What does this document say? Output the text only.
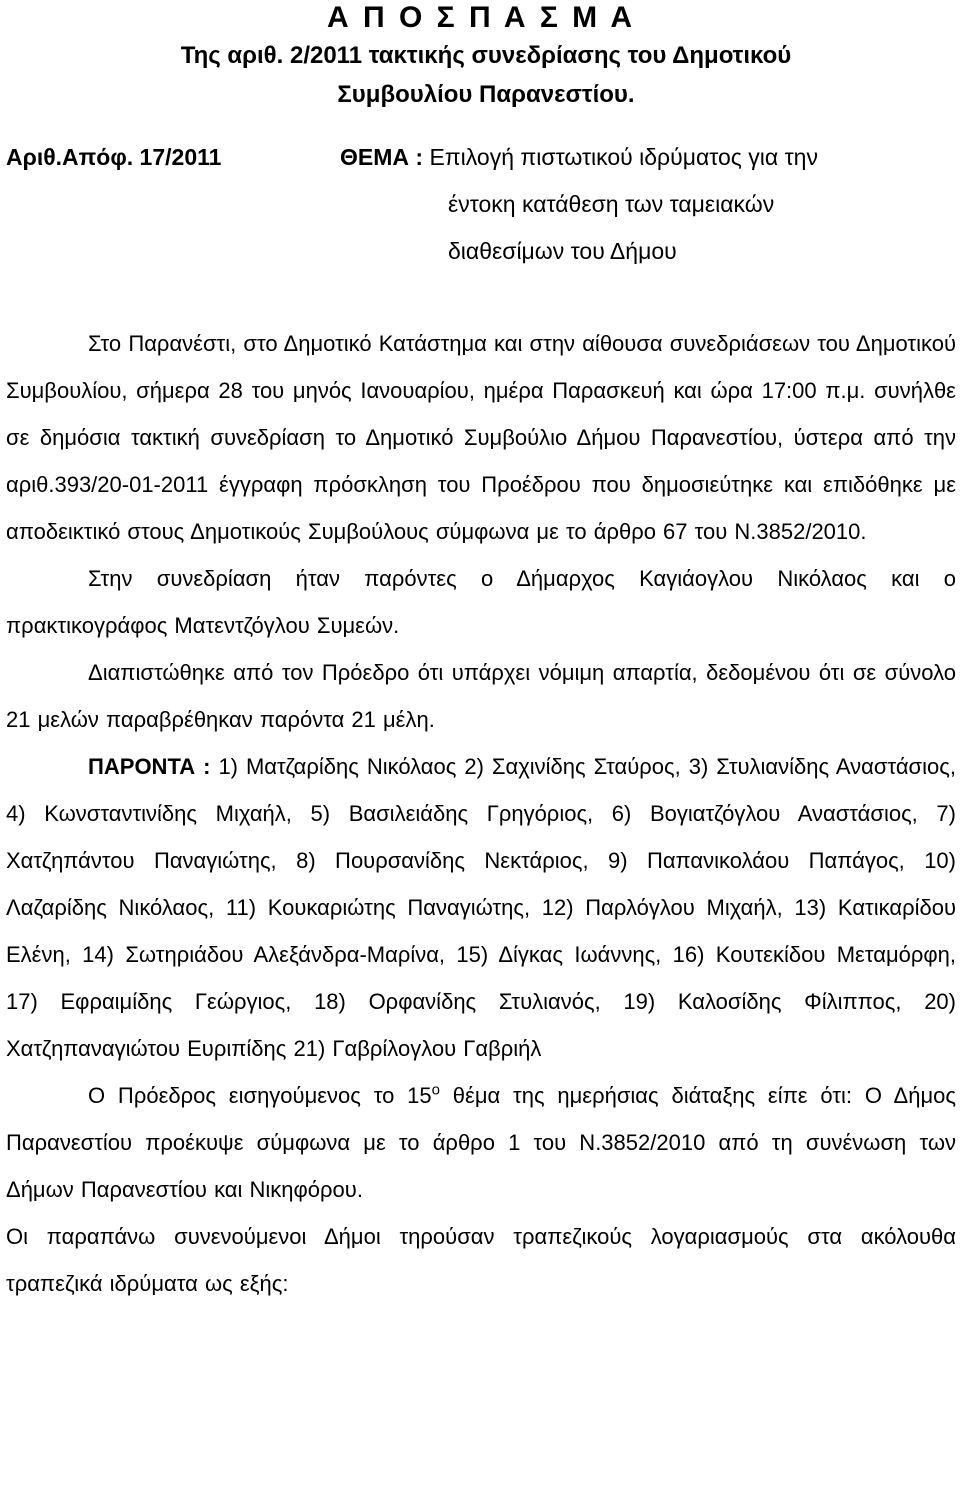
Α Π Ο Σ Π Α Σ Μ Α
Της αριθ. 2/2011 τακτικής συνεδρίασης του Δημοτικού
Συμβουλίου Παρανεστίου.
Αριθ.Απόφ. 17/2011	ΘΕΜΑ : Επιλογή πιστωτικού ιδρύματος για την
έντοκη κατάθεση των ταμειακών
διαθεσίμων του Δήμου

Στο Παρανέστι, στο Δημοτικό Κατάστημα και στην αίθουσα συνεδριάσεων του Δημοτικού Συμβουλίου, σήμερα 28 του μηνός Ιανουαρίου, ημέρα Παρασκευή και ώρα 17:00 π.μ. συνήλθε σε δημόσια τακτική συνεδρίαση το Δημοτικό Συμβούλιο Δήμου Παρανεστίου, ύστερα από την αριθ.393/20-01-2011 έγγραφη πρόσκληση του Προέδρου που δημοσιεύτηκε και επιδόθηκε με αποδεικτικό στους Δημοτικούς Συμβούλους σύμφωνα με το άρθρο 67 του Ν.3852/2010.

Στην συνεδρίαση ήταν παρόντες ο Δήμαρχος Καγιάογλου Νικόλαος και ο πρακτικογράφος Ματεντζόγλου Συμεών.

Διαπιστώθηκε από τον Πρόεδρο ότι υπάρχει νόμιμη απαρτία, δεδομένου ότι σε σύνολο 21 μελών παραβρέθηκαν παρόντα 21 μέλη.

ΠΑΡΟΝΤΑ : 1) Ματζαρίδης Νικόλαος 2) Σαχινίδης Σταύρος, 3) Στυλιανίδης Αναστάσιος, 4) Κωνσταντινίδης Μιχαήλ, 5) Βασιλειάδης Γρηγόριος, 6) Βογιατζόγλου Αναστάσιος, 7) Χατζηπάντου Παναγιώτης, 8) Πουρσανίδης Νεκτάριος, 9) Παπανικολάου Παπάγος, 10) Λαζαρίδης Νικόλαος, 11) Κουκαριώτης Παναγιώτης, 12) Παρλόγλου Μιχαήλ, 13) Κατικαρίδου Ελένη, 14) Σωτηριάδου Αλεξάνδρα-Μαρίνα, 15) Δίγκας Ιωάννης, 16) Κουτεκίδου Μεταμόρφη, 17) Εφραιμίδης Γεώργιος, 18) Ορφανίδης Στυλιανός, 19) Καλοσίδης Φίλιππος, 20) Χατζηπαναγιώτου Ευριπίδης 21) Γαβρίλογλου Γαβριήλ

Ο Πρόεδρος εισηγούμενος το $15^o$ θέμα της ημερήσιας διάταξης είπε ότι: Ο Δήμος Παρανεστίου προέκυψε σύμφωνα με το άρθρο 1 του Ν.3852/2010 από τη συνένωση των Δήμων Παρανεστίου και Νικηφόρου.

Οι παραπάνω συνενούμενοι Δήμοι τηρούσαν τραπεζικούς λογαριασμούς στα ακόλουθα τραπεζικά ιδρύματα ως εξής:
